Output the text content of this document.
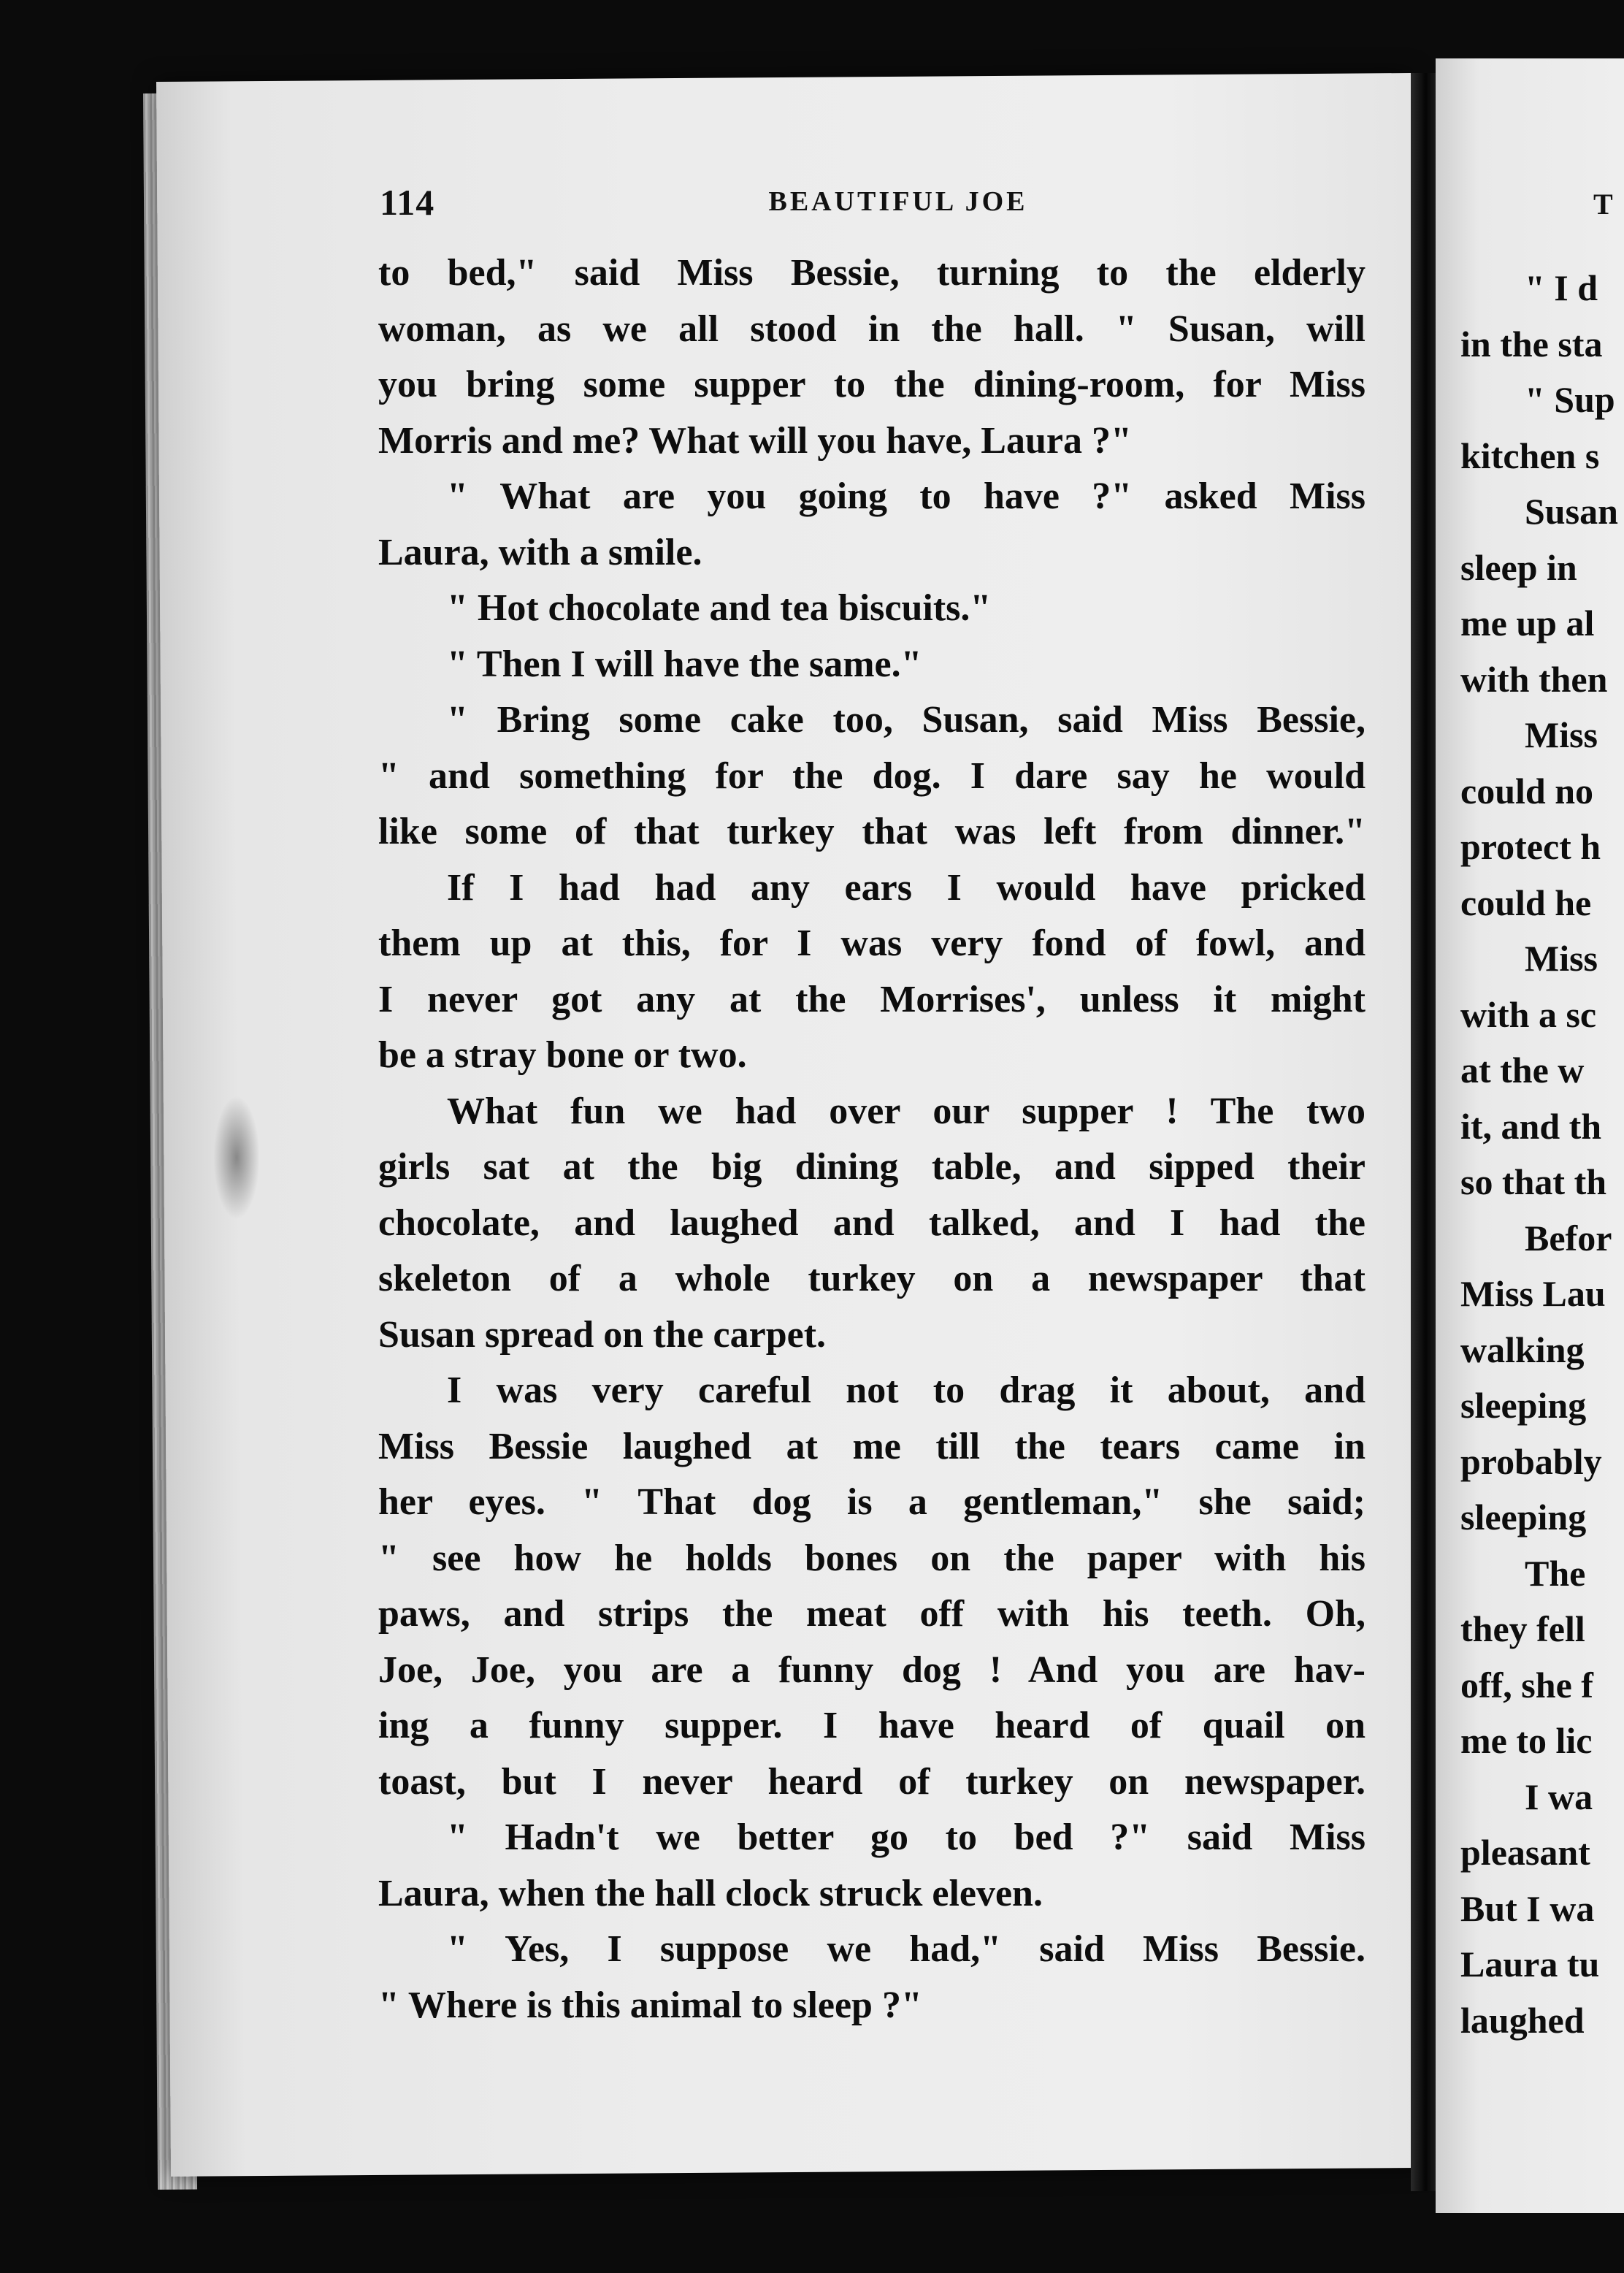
114	BEAUTIFUL JOE
to bed," said Miss Bessie, turning to the elderly
woman, as we all stood in the hall. " Susan, will
you bring some supper to the dining-room, for Miss
Morris and me? What will you have, Laura ?"
" What are you going to have ?" asked Miss
Laura, with a smile.
" Hot chocolate and tea biscuits."
" Then I will have the same."
" Bring some cake too, Susan, said Miss Bessie,
" and something for the dog. I dare say he would
like some of that turkey that was left from dinner."
If I had had any ears I would have pricked
them up at this, for I was very fond of fowl, and
I never got any at the Morrises', unless it might
be a stray bone or two.
What fun we had over our supper ! The two
girls sat at the big dining table, and sipped their
chocolate, and laughed and talked, and I had the
skeleton of a whole turkey on a newspaper that
Susan spread on the carpet.
I was very careful not to drag it about, and
Miss Bessie laughed at me till the tears came in
her eyes. " That dog is a gentleman," she said;
" see how he holds bones on the paper with his
paws, and strips the meat off with his teeth. Oh,
Joe, Joe, you are a funny dog ! And you are hav-
ing a funny supper. I have heard of quail on
toast, but I never heard of turkey on newspaper.
" Hadn't we better go to bed ?" said Miss
Laura, when the hall clock struck eleven.
" Yes, I suppose we had," said Miss Bessie.
" Where is this animal to sleep ?"
T
" I d
in the sta
" Sup
kitchen s
Susan
sleep in
me up al
with then
Miss
could no
protect h
could he
Miss
with a sc
at the w
it, and th
so that th
Befor
Miss Lau
walking
sleeping
probably
sleeping
The
they fell
off, she f
me to lic
I wa
pleasant
But I wa
Laura tu
laughed
